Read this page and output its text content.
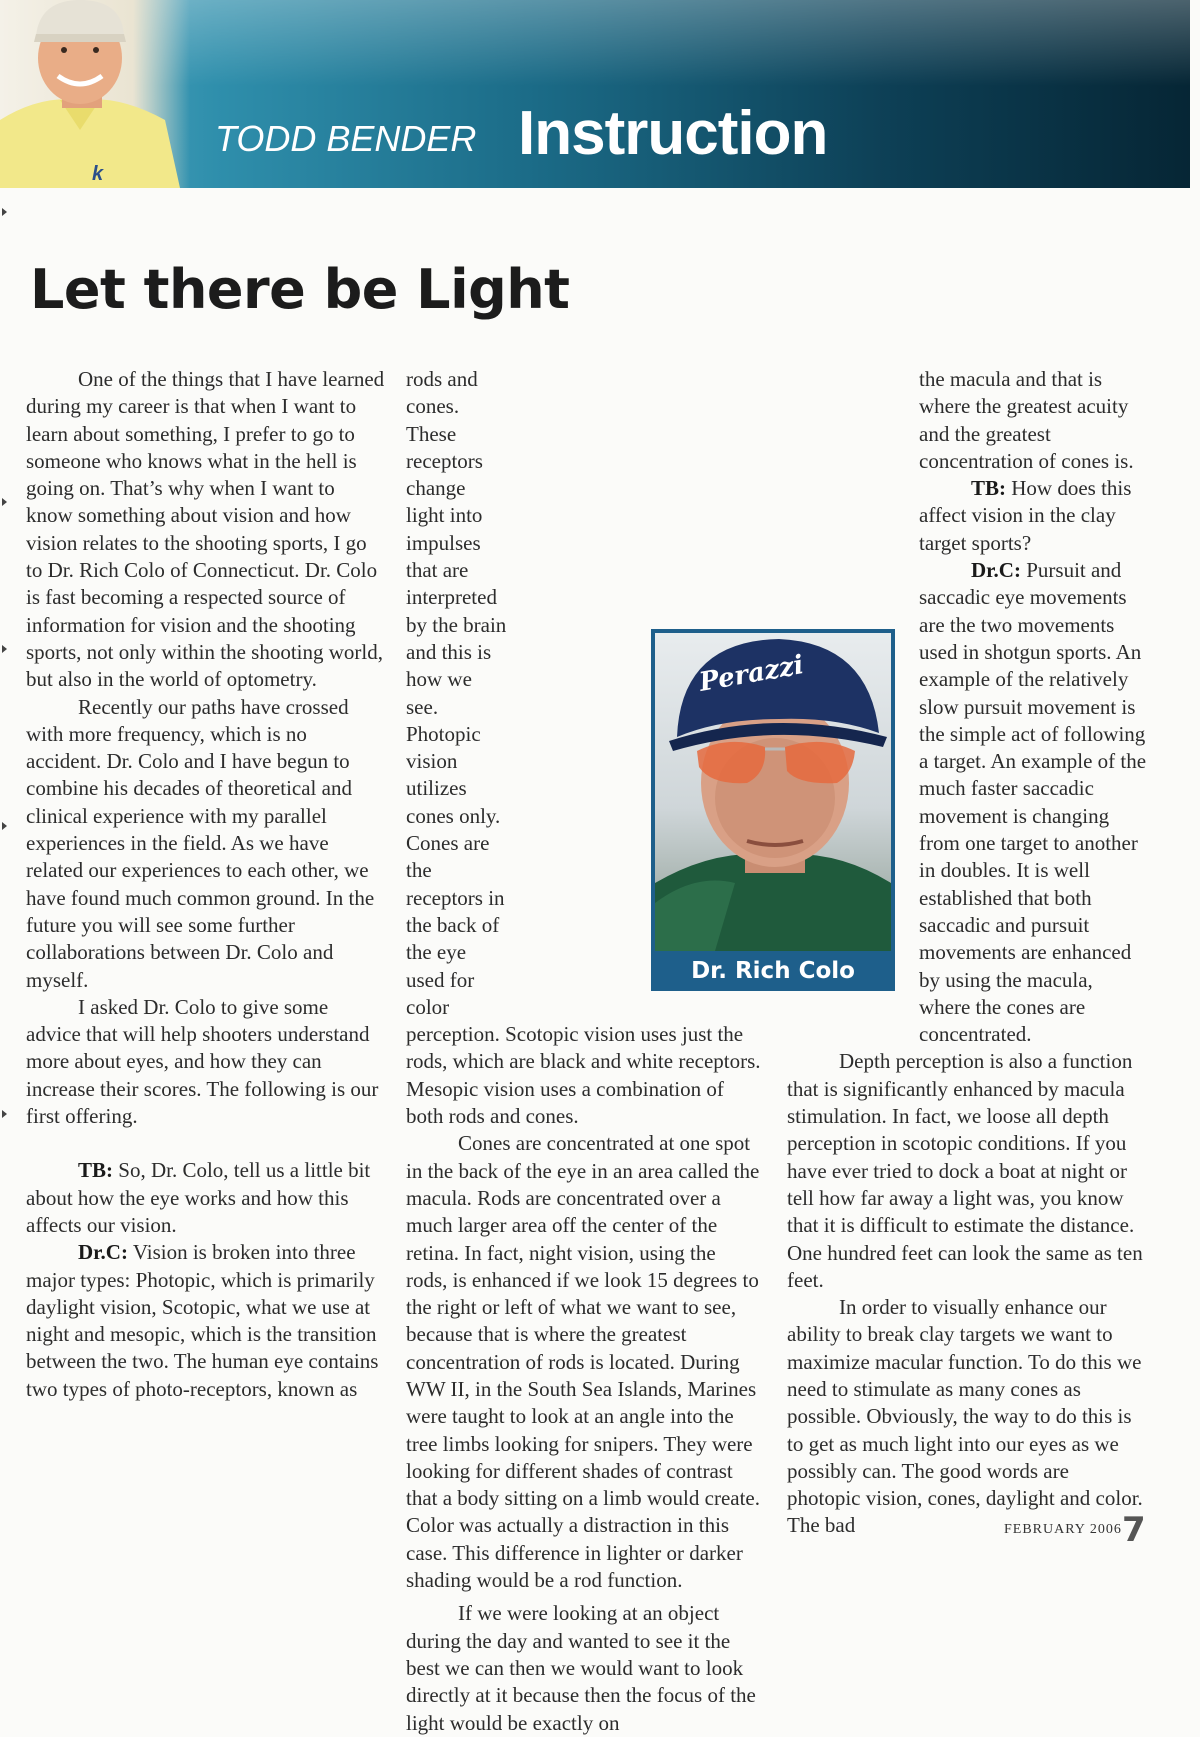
k
TODD BENDER Instruction
Let there be Light

One of the things that I have learned during my career is that when I want to learn about something, I prefer to go to someone who knows what in the hell is going on. That’s why when I want to know something about vision and how vision relates to the shooting sports, I go to Dr. Rich Colo of Connecticut. Dr. Colo is fast becoming a respected source of information for vision and the shooting sports, not only within the shooting world, but also in the world of optometry.

Recently our paths have crossed with more frequency, which is no accident. Dr. Colo and I have begun to combine his decades of theoretical and clinical experience with my parallel experiences in the field. As we have related our experiences to each other, we have found much common ground. In the future you will see some further collaborations between Dr. Colo and myself.

I asked Dr. Colo to give some advice that will help shooters understand more about eyes, and how they can increase their scores. The following is our first offering.

TB: So, Dr. Colo, tell us a little bit about how the eye works and how this affects our vision.

Dr.C: Vision is broken into three major types: Photopic, which is primarily daylight vision, Scotopic, what we use at night and mesopic, which is the transition between the two. The human eye contains two types of photo-receptors, known as

rods and cones. These receptors change light into impulses that are interpreted by the brain and this is how we see. Photopic vision utilizes cones only. Cones are the receptors in the back of the eye used for color perception. Scotopic vision uses just the rods, which are black and white receptors. Mesopic vision uses a combination of both rods and cones.

Cones are concentrated at one spot in the back of the eye in an area called the macula. Rods are concentrated over a much larger area off the center of the retina. In fact, night vision, using the rods, is enhanced if we look 15 degrees to the right or left of what we want to see, because that is where the greatest concentration of rods is located. During WW II, in the South Sea Islands, Marines were taught to look at an angle into the tree limbs looking for snipers. They were looking for different shades of contrast that a body sitting on a limb would create. Color was actually a distraction in this case. This difference in lighter or darker shading would be a rod function.

If we were looking at an object during the day and wanted to see it the best we can then we would want to look directly at it because then the focus of the light would be exactly on

the macula and that is where the greatest acuity and the greatest concentration of cones is.

TB: How does this affect vision in the clay target sports?

Dr.C: Pursuit and saccadic eye movements are the two movements used in shotgun sports. An example of the relatively slow pursuit movement is the simple act of following a target. An example of the much faster saccadic movement is changing from one target to another in doubles. It is well established that both saccadic and pursuit movements are enhanced by using the macula, where the cones are concentrated.

Depth perception is also a function that is significantly enhanced by macula stimulation. In fact, we loose all depth perception in scotopic conditions. If you have ever tried to dock a boat at night or tell how far away a light was, you know that it is difficult to estimate the distance. One hundred feet can look the same as ten feet.

In order to visually enhance our ability to break clay targets we want to maximize macular function. To do this we need to stimulate as many cones as possible. Obviously, the way to do this is to get as much light into our eyes as we possibly can. The good words are photopic vision, cones, daylight and color. The bad

Perazzi
Dr. Rich Colo
FEBRUARY 2006 7
